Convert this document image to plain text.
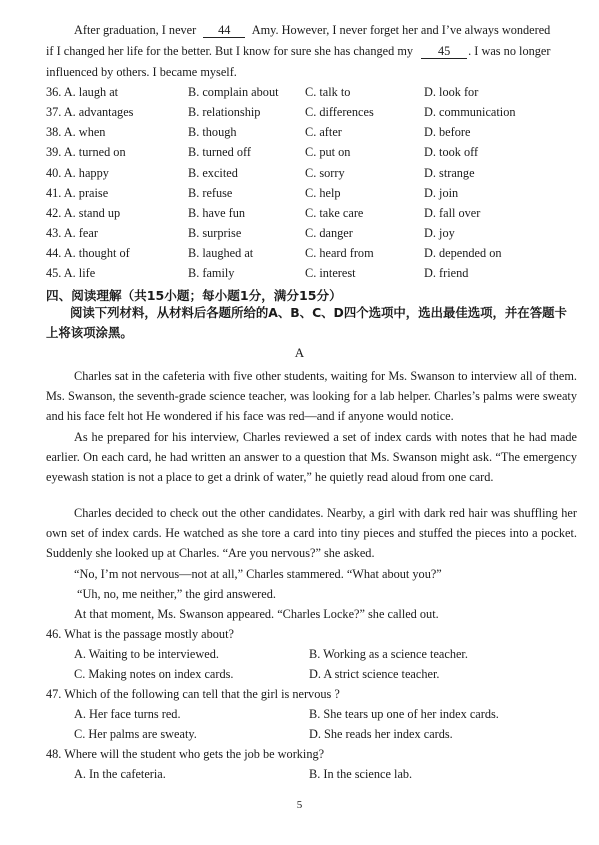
After graduation, I never 44 Amy. However, I never forget her and I’ve always wondered
if I changed her life for the better. But I know for sure she has changed my 45 . I was no longer
influenced by others. I became myself.
36. A. laugh at	B. complain about C. talk to	D. look for
37. A. advantages	B. relationship	C. differences	D. communication
38. A. when	B. though	C. after	D. before
39. A. turned on	B. turned off	C. put on	D. took off
40. A. happy	B. excited	C. sorry	D. strange
41. A. praise	B. refuse	C. help	D. join
42. A. stand up	B. have fun	C. take care	D. fall over
43. A. fear	B. surprise	C. danger	D. joy
44. A. thought of	B. laughed at	C. heard from	D. depended on
45. A. life	B. family	C. interest	D. friend
四、阅读理解（共15小题；每小题1分，满分15分）
阅读下列材料，从材料后各题所给的A、B、C、D四个选项中，选出最佳选项，并在答题卡上将该项涂黑。
A
Charles sat in the cafeteria with five other students, waiting for Ms. Swanson to interview all of them. Ms. Swanson, the seventh-grade science teacher, was looking for a lab helper. Charles’s palms were sweaty and his face felt hot He wondered if his face was red—and if anyone would notice.
As he prepared for his interview, Charles reviewed a set of index cards with notes that he had made earlier. On each card, he had written an answer to a question that Ms. Swanson might ask. “The emergency eyewash station is not a place to get a drink of water,” he quietly read aloud from one card.
Charles decided to check out the other candidates. Nearby, a girl with dark red hair was shuffling her own set of index cards. He watched as she tore a card into tiny pieces and stuffed the pieces into a pocket. Suddenly she looked up at Charles. “Are you nervous?” she asked.
“No, I’m not nervous—not at all,” Charles stammered. “What about you?”
“Uh, no, me neither,” the gird answered.
At that moment, Ms. Swanson appeared. “Charles Locke?” she called out.
46. What is the passage mostly about?
A. Waiting to be interviewed.	B. Working as a science teacher.
C. Making notes on index cards.	D. A strict science teacher.
47. Which of the following can tell that the girl is nervous ?
A. Her face turns red.	B. She tears up one of her index cards.
C. Her palms are sweaty.	D. She reads her index cards.
48. Where will the student who gets the job be working?
A. In the cafeteria.	B. In the science lab.
5
